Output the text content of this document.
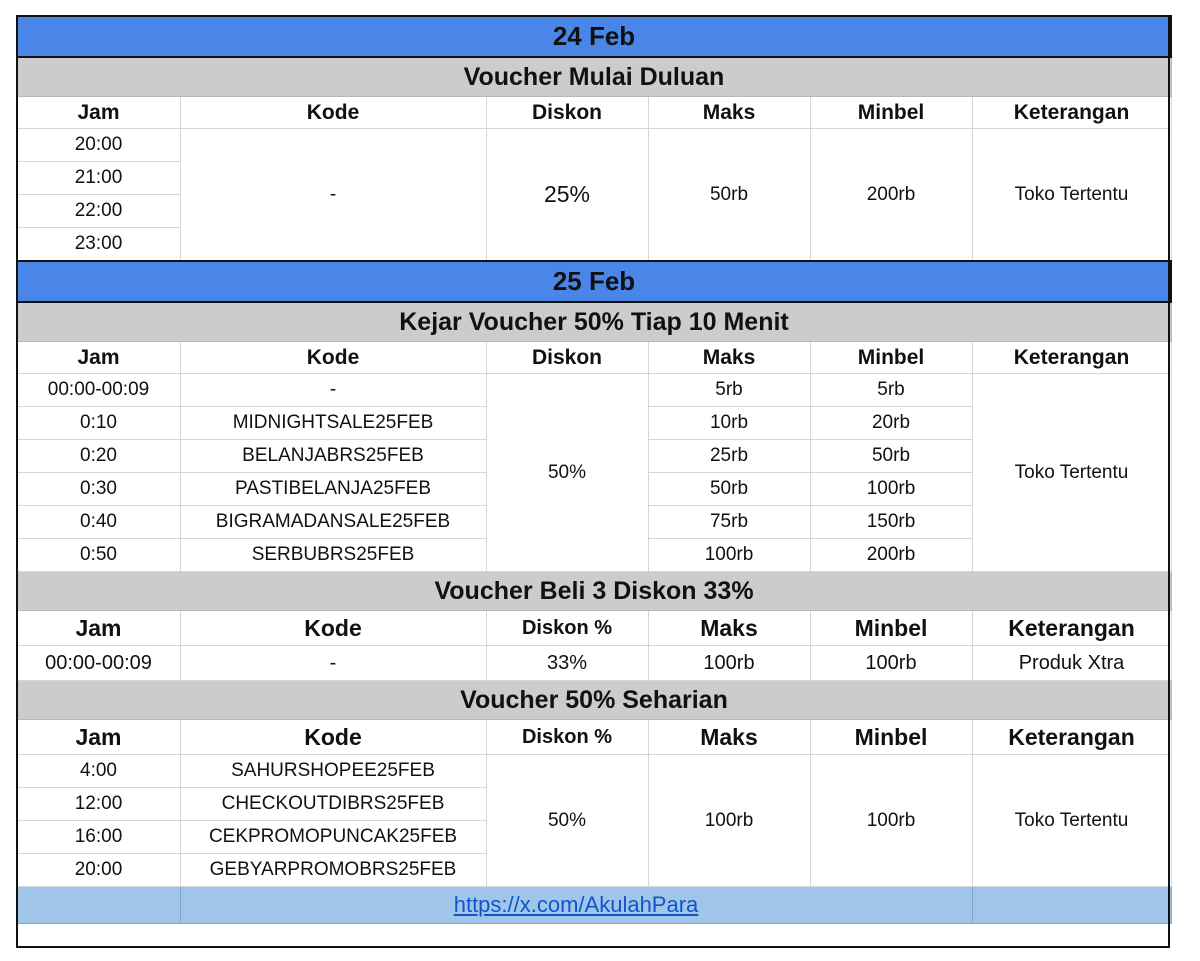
24 Feb					
Voucher Mulai Duluan					
Jam	Kode	Diskon	Maks	Minbel	Keterangan
20:00	-	25%	50rb	200rb	Toko Tertentu
21:00					
22:00					
23:00					
25 Feb					
Kejar Voucher 50% Tiap 10 Menit					
Jam	Kode	Diskon	Maks	Minbel	Keterangan
00:00-00:09	-	50%	5rb	5rb	Toko Tertentu
0:10	MIDNIGHTSALE25FEB		10rb	20rb	
0:20	BELANJABRS25FEB		25rb	50rb	
0:30	PASTIBELANJA25FEB		50rb	100rb	
0:40	BIGRAMADANSALE25FEB		75rb	150rb	
0:50	SERBUBRS25FEB		100rb	200rb	
Voucher Beli 3 Diskon 33%					
Jam	Kode	Diskon %	Maks	Minbel	Keterangan
00:00-00:09	-	33%	100rb	100rb	Produk Xtra
Voucher 50% Seharian					
Jam	Kode	Diskon %	Maks	Minbel	Keterangan
4:00	SAHURSHOPEE25FEB	50%	100rb	100rb	Toko Tertentu
12:00	CHECKOUTDIBRS25FEB				
16:00	CEKPROMOPUNCAK25FEB				
20:00	GEBYARPROMOBRS25FEB				
	https://x.com/AkulahPara				
